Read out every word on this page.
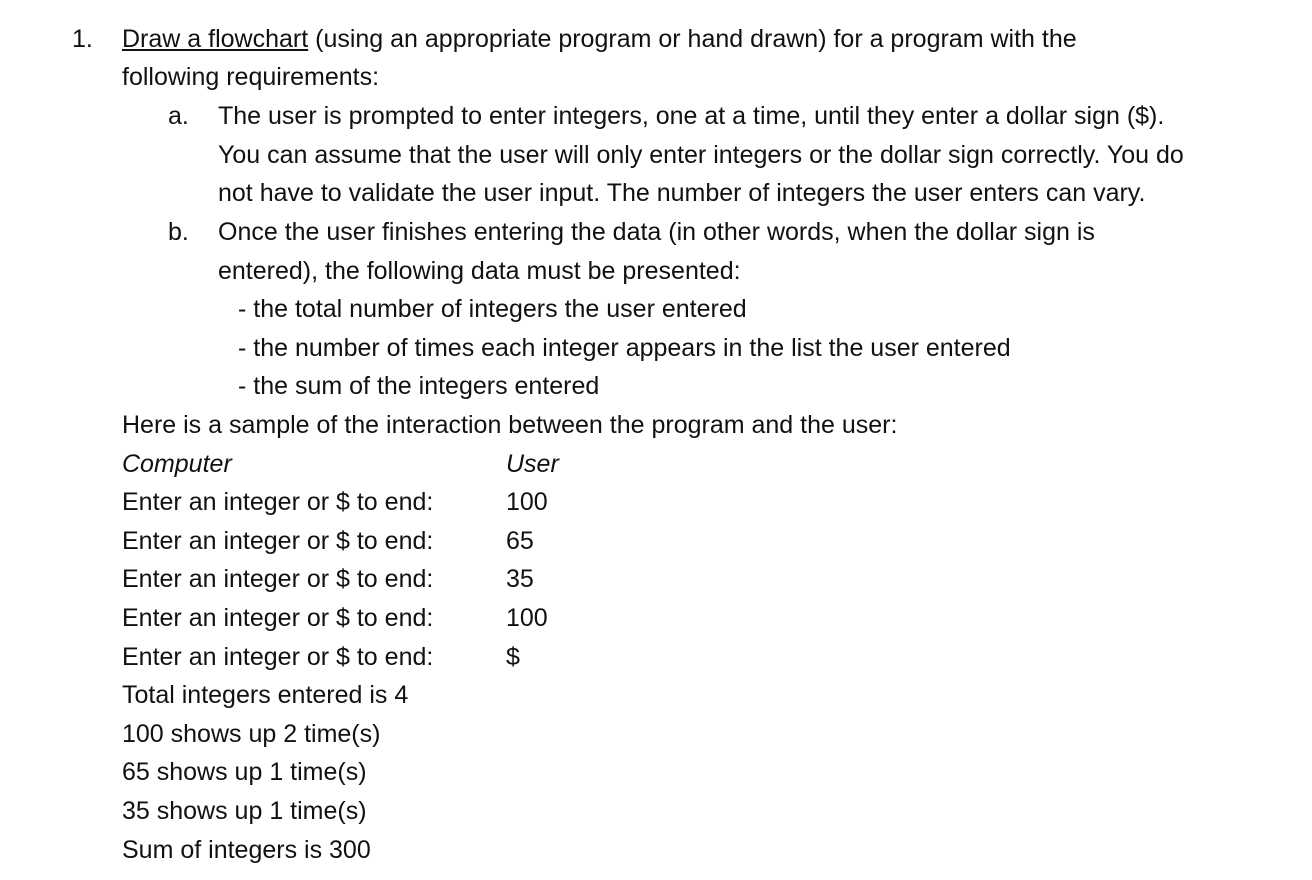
1. Draw a flowchart (using an appropriate program or hand drawn) for a program with the
following requirements:
a. The user is prompted to enter integers, one at a time, until they enter a dollar sign ($).
You can assume that the user will only enter integers or the dollar sign correctly. You do
not have to validate the user input. The number of integers the user enters can vary.
b. Once the user finishes entering the data (in other words, when the dollar sign is
entered), the following data must be presented:
- the total number of integers the user entered
- the number of times each integer appears in the list the user entered
- the sum of the integers entered
Here is a sample of the interaction between the program and the user:
Computer	User
Enter an integer or $ to end:	100
Enter an integer or $ to end:	65
Enter an integer or $ to end:	35
Enter an integer or $ to end:	100
Enter an integer or $ to end:	$
Total integers entered is 4
100 shows up 2 time(s)
65 shows up 1 time(s)
35 shows up 1 time(s)
Sum of integers is 300
